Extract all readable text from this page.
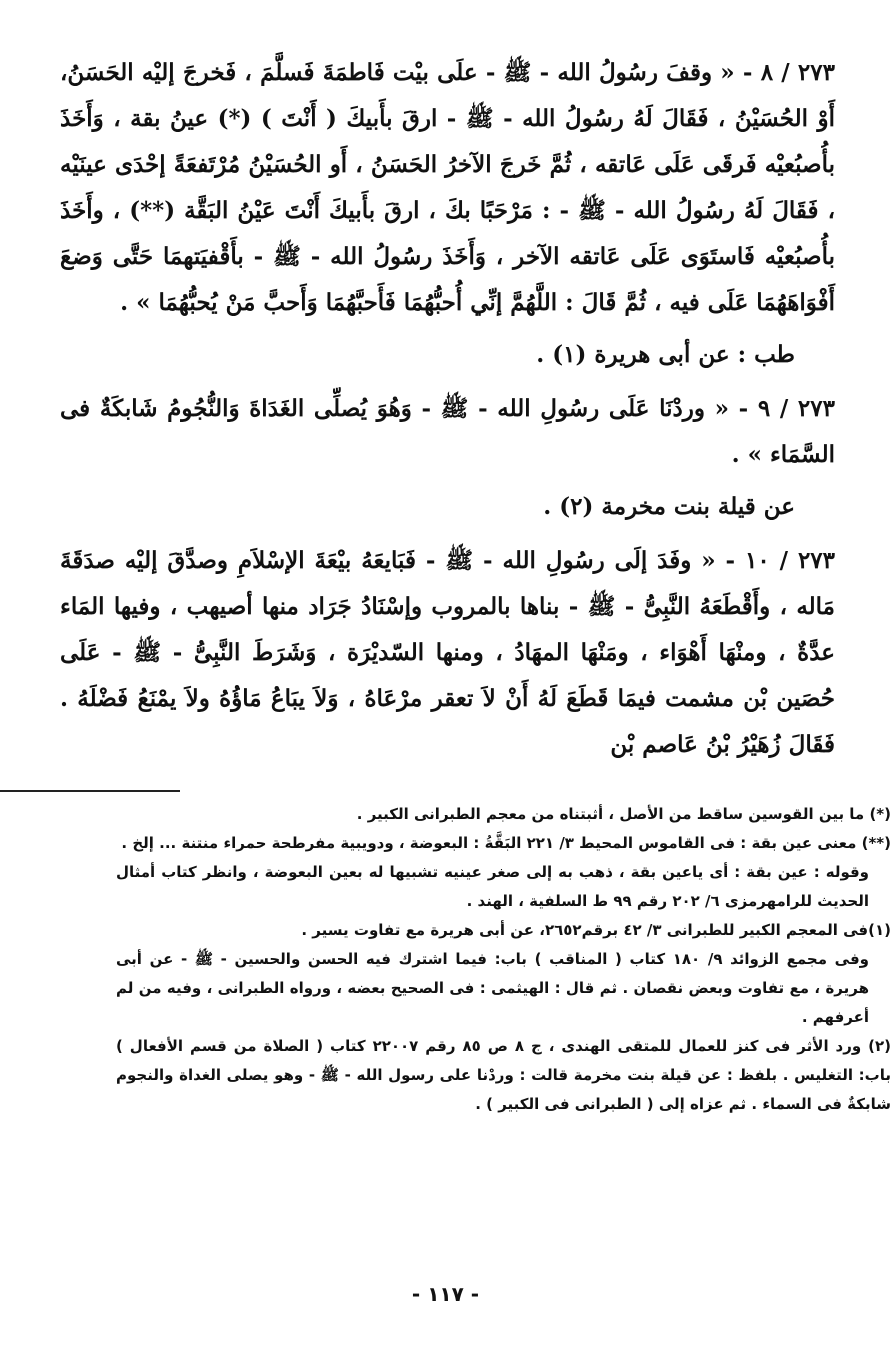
٢٧٣ / ٨ - « وقفَ رسُولُ الله - ﷺ - علَى بيْت فَاطمَةَ فَسلَّمَ ، فَخرجَ إليْه الحَسَنُ، أَوْ الحُسَيْنُ ، فَقَالَ لَهُ رسُولُ الله - ﷺ - ارقَ بأَبيكَ ( أَنْتَ ) (*) عينُ بقة ، وَأَخَذَ بأُصبُعيْه فَرقَى عَلَى عَاتقه ، ثُمَّ خَرجَ الآخرُ الحَسَنُ ، أَو الحُسَيْنُ مُرْتَفعَةً إحْدَى عينَيْه ، فَقَالَ لَهُ رسُولُ الله - ﷺ - : مَرْحَبًا بكَ ، ارقَ بأَبيكَ أَنْتَ عَيْنُ البَقَّة (**) ، وأَخَذَ بأُصبُعيْه فَاستَوَى عَلَى عَاتقه الآخر ، وَأَخَذَ رسُولُ الله - ﷺ - بأَقْفيَتهمَا حَتَّى وَضعَ أَفْوَاهَهُمَا عَلَى فيه ، ثُمَّ قَالَ : اللَّهُمَّ إنِّي أُحبُّهُمَا فَأَحبَّهُمَا وَأَحبَّ مَنْ يُحبُّهُمَا » .

طب : عن أبى هريرة (١) .

٢٧٣ / ٩ - « وردْنَا عَلَى رسُولِ الله - ﷺ - وَهُوَ يُصلِّى الغَدَاةَ وَالنُّجُومُ شَابكَةٌ فى السَّمَاء » .

عن قيلة بنت مخرمة (٢) .

٢٧٣ / ١٠ - « وفَدَ إلَى رسُولِ الله - ﷺ - فَبَايعَهُ بيْعَةَ الإسْلاَمِ وصدَّقَ إليْه صدَقَةَ مَاله ، وأَقْطَعَهُ النَّبِىُّ - ﷺ - بناها بالمروب وإسْنَادُ جَرَاد منها أصيهب ، وفيها المَاء عدَّةٌ ، ومنْهَا أَهْوَاء ، ومَنْهَا المهَادُ ، ومنها السّديْرَة ، وَشَرَطَ النَّبِىُّ - ﷺ - عَلَى حُصَين بْن مشمت فيمَا قَطَعَ لَهُ أَنْ لاَ تعقر مرْعَاهُ ، وَلاَ يبَاعُ مَاؤُهُ ولاَ يمْنَعُ فَضْلَهُ . فَقَالَ زُهَيْرُ بْنُ عَاصم بْن

(*) ما بين القوسين ساقط من الأصل ، أثبتناه من معجم الطبرانى الكبير .

(**) معنى عين بقة : فى القاموس المحيط ٣/ ٢٢١ البَقَّةُ : البعوضة ، ودويبية مفرطحة حمراء منتنة ... إلخ .

وقوله : عين بقة : أى ياعين بقة ، ذهب به إلى صغر عينيه تشبيها له بعين البعوضة ، وانظر كتاب أمثال الحديث للرامهرمزى ٦/ ٢٠٢ رقم ٩٩ ط السلفية ، الهند .

(١)فى المعجم الكبير للطبرانى ٣/ ٤٢ برقم٢٦٥٢، عن أبى هريرة مع تفاوت يسير .

وفى مجمع الزوائد ٩/ ١٨٠ كتاب ( المناقب ) باب: فيما اشترك فيه الحسن والحسين - ﷺ - عن أبى هريرة ، مع تفاوت وبعض نقصان . ثم قال : الهيثمى : فى الصحيح بعضه ، ورواه الطبرانى ، وفيه من لم أعرفهم .

(٢) ورد الأثر فى كنز للعمال للمتقى الهندى ، ج ٨ ص ٨٥ رقم ٢٢٠٠٧ كتاب ( الصلاة من قسم الأفعال ) باب: التغليس . بلفظ : عن قيلة بنت مخرمة قالت : وردْنا على رسول الله - ﷺ - وهو يصلى الغداة والنجوم شابكةٌ فى السماء . ثم عزاه إلى ( الطبرانى فى الكبير ) .

- ١١٧ -
